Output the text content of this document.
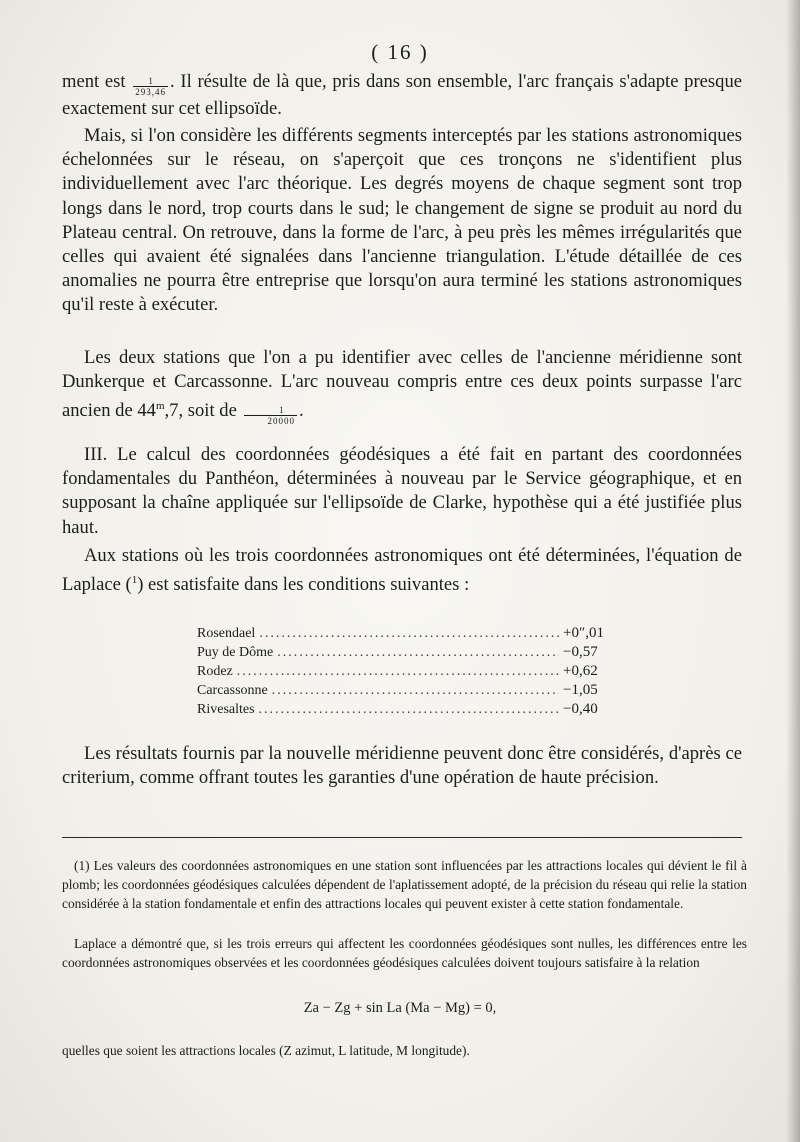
( 16 )

ment est $\frac{1}{293,46}$ . Il résulte de là que, pris dans son ensemble, l'arc français s'adapte presque exactement sur cet ellipsoïde.

Mais, si l'on considère les différents segments interceptés par les stations astronomiques échelonnées sur le réseau, on s'aperçoit que ces tronçons ne s'identifient plus individuellement avec l'arc théorique. Les degrés moyens de chaque segment sont trop longs dans le nord, trop courts dans le sud; le changement de signe se produit au nord du Plateau central. On retrouve, dans la forme de l'arc, à peu près les mêmes irrégularités que celles qui avaient été signalées dans l'ancienne triangulation. L'étude détaillée de ces anomalies ne pourra être entreprise que lorsqu'on aura terminé les stations astronomiques qu'il reste à exécuter.

Les deux stations que l'on a pu identifier avec celles de l'ancienne méridienne sont Dunkerque et Carcassonne. L'arc nouveau compris entre ces deux points surpasse l'arc ancien de 44$^m$,7, soit de $\frac{1}{20000}$ .

III. Le calcul des coordonnées géodésiques a été fait en partant des coordonnées fondamentales du Panthéon, déterminées à nouveau par le Service géographique, et en supposant la chaîne appliquée sur l'ellipsoïde de Clarke, hypothèse qui a été justifiée plus haut.

Aux stations où les trois coordonnées astronomiques ont été déterminées, l'équation de Laplace ($^1$) est satisfaite dans les conditions suivantes :

Rosendael .....	+0″,01
Puy de Dôme .....	−0,57
Rodez .....	+0,62
Carcassonne .....	−1,05
Rivesaltes .....	−0,40

Les résultats fournis par la nouvelle méridienne peuvent donc être considérés, d'après ce criterium, comme offrant toutes les garanties d'une opération de haute précision.

(1) Les valeurs des coordonnées astronomiques en une station sont influencées par les attractions locales qui dévient le fil à plomb; les coordonnées géodésiques calculées dépendent de l'aplatissement adopté, de la précision du réseau qui relie la station considérée à la station fondamentale et enfin des attractions locales qui peuvent exister à cette station fondamentale.

Laplace a démontré que, si les trois erreurs qui affectent les coordonnées géodésiques sont nulles, les différences entre les coordonnées astronomiques observées et les coordonnées géodésiques calculées doivent toujours satisfaire à la relation

Za − Zg + sin La (Ma − Mg) = 0,

quelles que soient les attractions locales (Z azimut, L latitude, M longitude).
